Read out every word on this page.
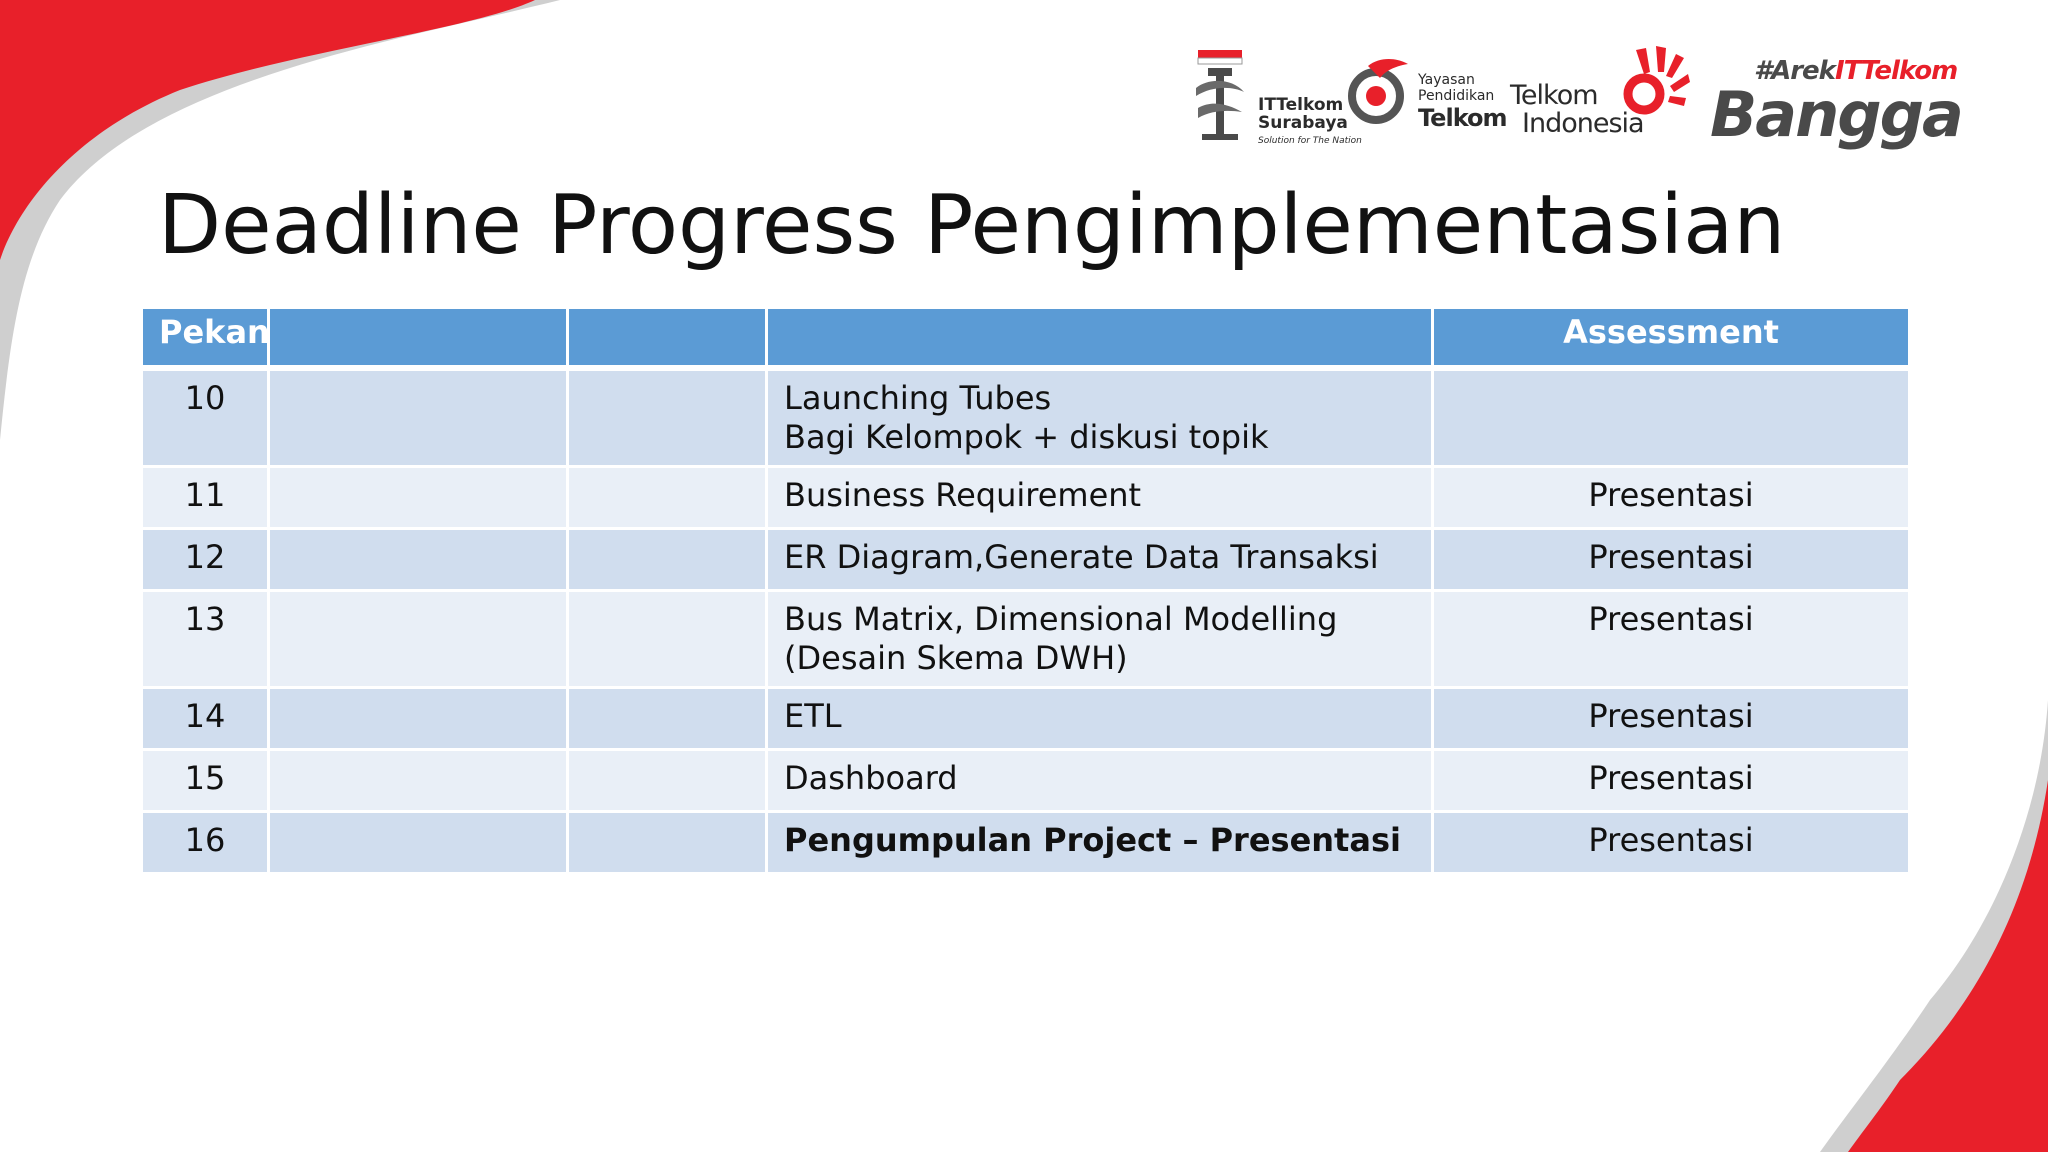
ITTelkom
Surabaya
Solution for The Nation
Yayasan
Pendidikan
Telkom
Telkom
Indonesia
#ArekITTelkom
Bangga
Deadline Progress Pengimplementasian
Pekan				Assessment
10			Launching Tubes
Bagi Kelompok + diskusi topik	

11			Business Requirement	Presentasi
12			ER Diagram,Generate Data Transaksi	Presentasi
13			Bus Matrix, Dimensional Modelling
(Desain Skema DWH)	Presentasi
14			ETL	Presentasi
15			Dashboard	Presentasi
16			Pengumpulan Project – Presentasi	Presentasi
